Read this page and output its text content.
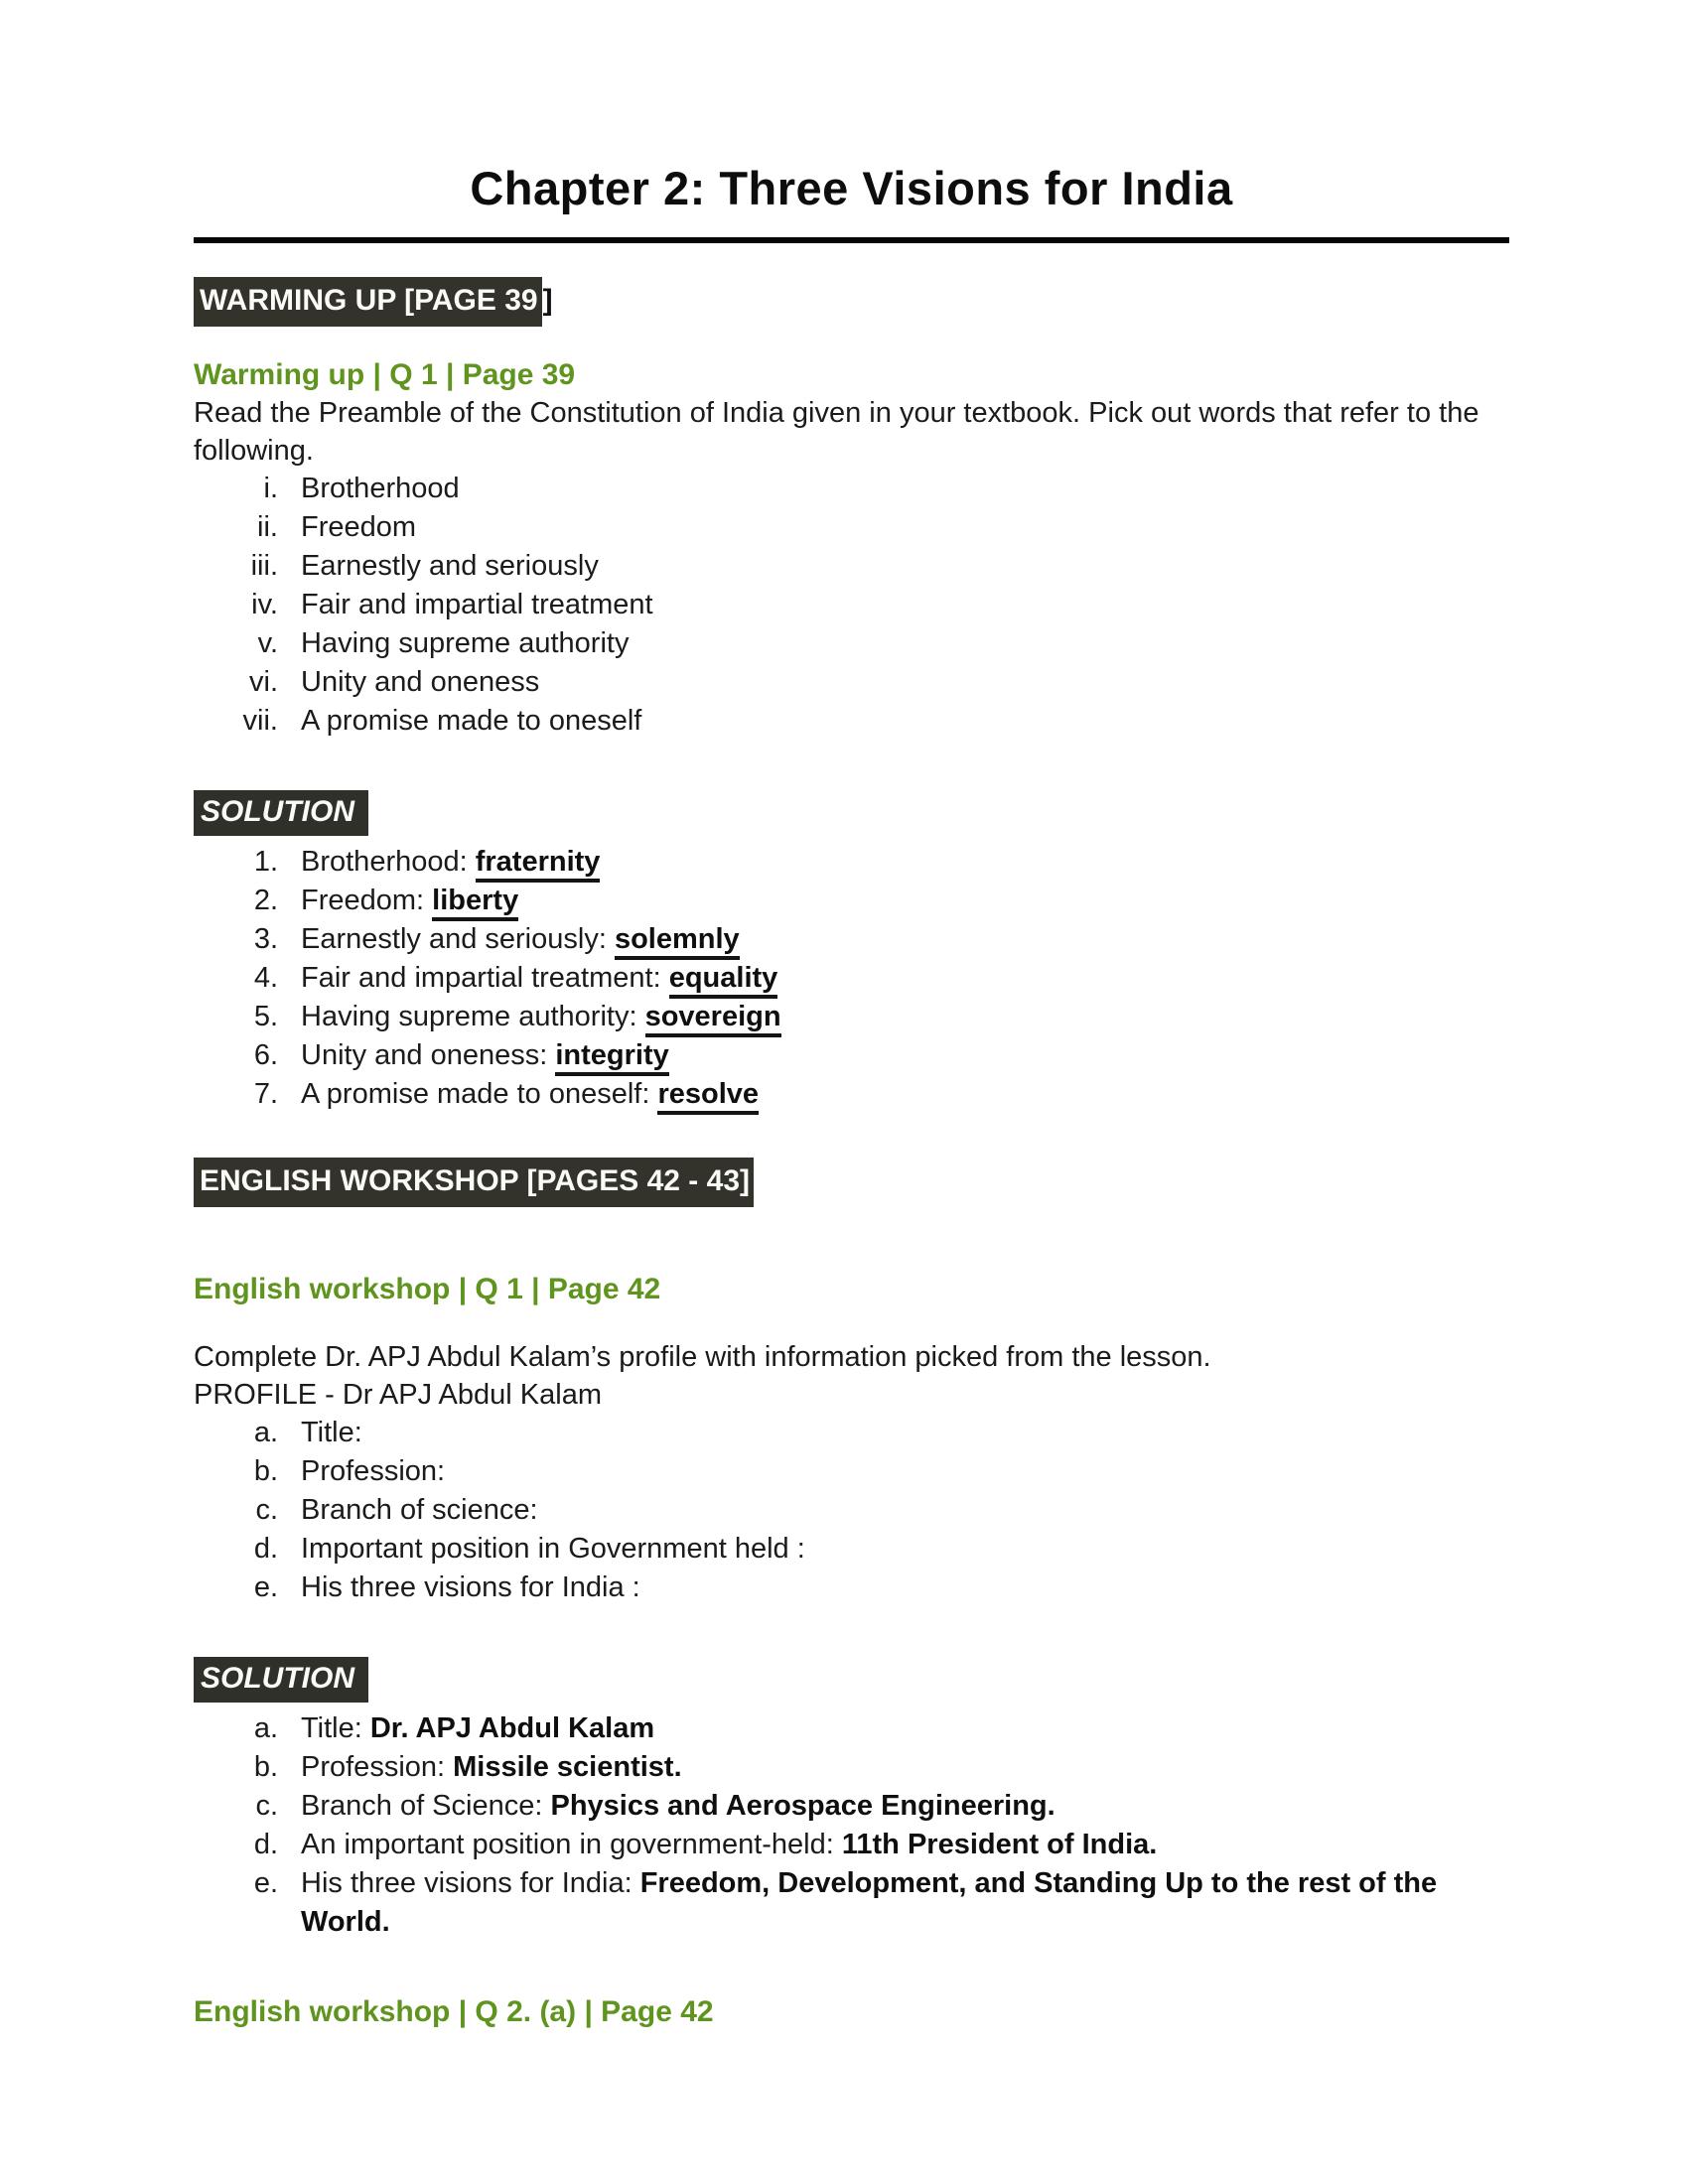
Chapter 2: Three Visions for India
WARMING UP [PAGE 39 ]
Warming up | Q 1 | Page 39

Read the Preamble of the Constitution of India given in your textbook. Pick out words that refer to the following.

i. Brotherhood
ii. Freedom
iii. Earnestly and seriously
iv. Fair and impartial treatment
v. Having supreme authority
vi. Unity and oneness
vii. A promise made to oneself
SOLUTION
1. Brotherhood: fraternity
2. Freedom: liberty
3. Earnestly and seriously: solemnly
4. Fair and impartial treatment: equality
5. Having supreme authority: sovereign
6. Unity and oneness: integrity
7. A promise made to oneself: resolve
ENGLISH WORKSHOP [PAGES 42 - 43]
English workshop | Q 1 | Page 42

Complete Dr. APJ Abdul Kalam’s profile with information picked from the lesson.

PROFILE - Dr APJ Abdul Kalam

a. Title:
b. Profession:
c. Branch of science:
d. Important position in Government held :
e. His three visions for India :
SOLUTION
a. Title: Dr. APJ Abdul Kalam
b. Profession: Missile scientist.
c. Branch of Science: Physics and Aerospace Engineering.
d. An important position in government-held: 11th President of India.
e. His three visions for India: Freedom, Development, and Standing Up to the rest of the World.
English workshop | Q 2. (a) | Page 42
